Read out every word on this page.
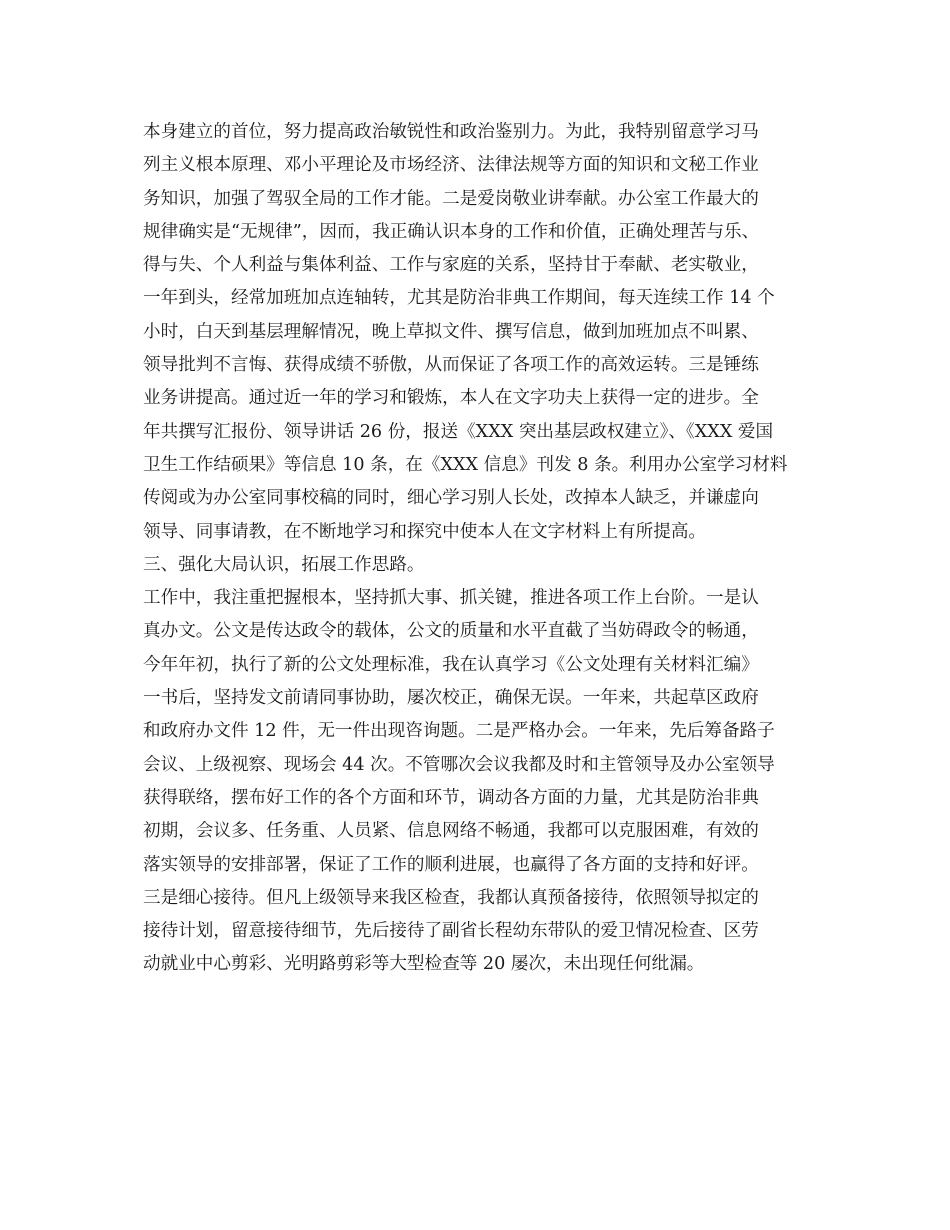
本身建立的首位，努力提高政治敏锐性和政治鉴别力。为此，我特别留意学习马
列主义根本原理、邓小平理论及市场经济、法律法规等方面的知识和文秘工作业
务知识，加强了驾驭全局的工作才能。二是爱岗敬业讲奉献。办公室工作最大的
规律确实是“无规律”，因而，我正确认识本身的工作和价值，正确处理苦与乐、
得与失、个人利益与集体利益、工作与家庭的关系，坚持甘于奉献、老实敬业，
一年到头，经常加班加点连轴转，尤其是防治非典工作期间，每天连续工作 14 个
小时，白天到基层理解情况，晚上草拟文件、撰写信息，做到加班加点不叫累、
领导批判不言悔、获得成绩不骄傲，从而保证了各项工作的高效运转。三是锤练
业务讲提高。通过近一年的学习和锻炼，本人在文字功夫上获得一定的进步。全
年共撰写汇报份、领导讲话 26 份，报送《XXX 突出基层政权建立》、《XXX 爱国
卫生工作结硕果》等信息 10 条，在《XXX 信息》刊发 8 条。利用办公室学习材料
传阅或为办公室同事校稿的同时，细心学习别人长处，改掉本人缺乏，并谦虚向
领导、同事请教，在不断地学习和探究中使本人在文字材料上有所提高。
三、强化大局认识，拓展工作思路。
工作中，我注重把握根本，坚持抓大事、抓关键，推进各项工作上台阶。一是认
真办文。公文是传达政令的载体，公文的质量和水平直截了当妨碍政令的畅通，
今年年初，执行了新的公文处理标准，我在认真学习《公文处理有关材料汇编》
一书后，坚持发文前请同事协助，屡次校正，确保无误。一年来，共起草区政府
和政府办文件 12 件，无一件出现咨询题。二是严格办会。一年来，先后筹备路子
会议、上级视察、现场会 44 次。不管哪次会议我都及时和主管领导及办公室领导
获得联络，摆布好工作的各个方面和环节，调动各方面的力量，尤其是防治非典
初期，会议多、任务重、人员紧、信息网络不畅通，我都可以克服困难，有效的
落实领导的安排部署，保证了工作的顺利进展，也赢得了各方面的支持和好评。
三是细心接待。但凡上级领导来我区检查，我都认真预备接待，依照领导拟定的
接待计划，留意接待细节，先后接待了副省长程幼东带队的爱卫情况检查、区劳
动就业中心剪彩、光明路剪彩等大型检查等 20 屡次，未出现任何纰漏。
